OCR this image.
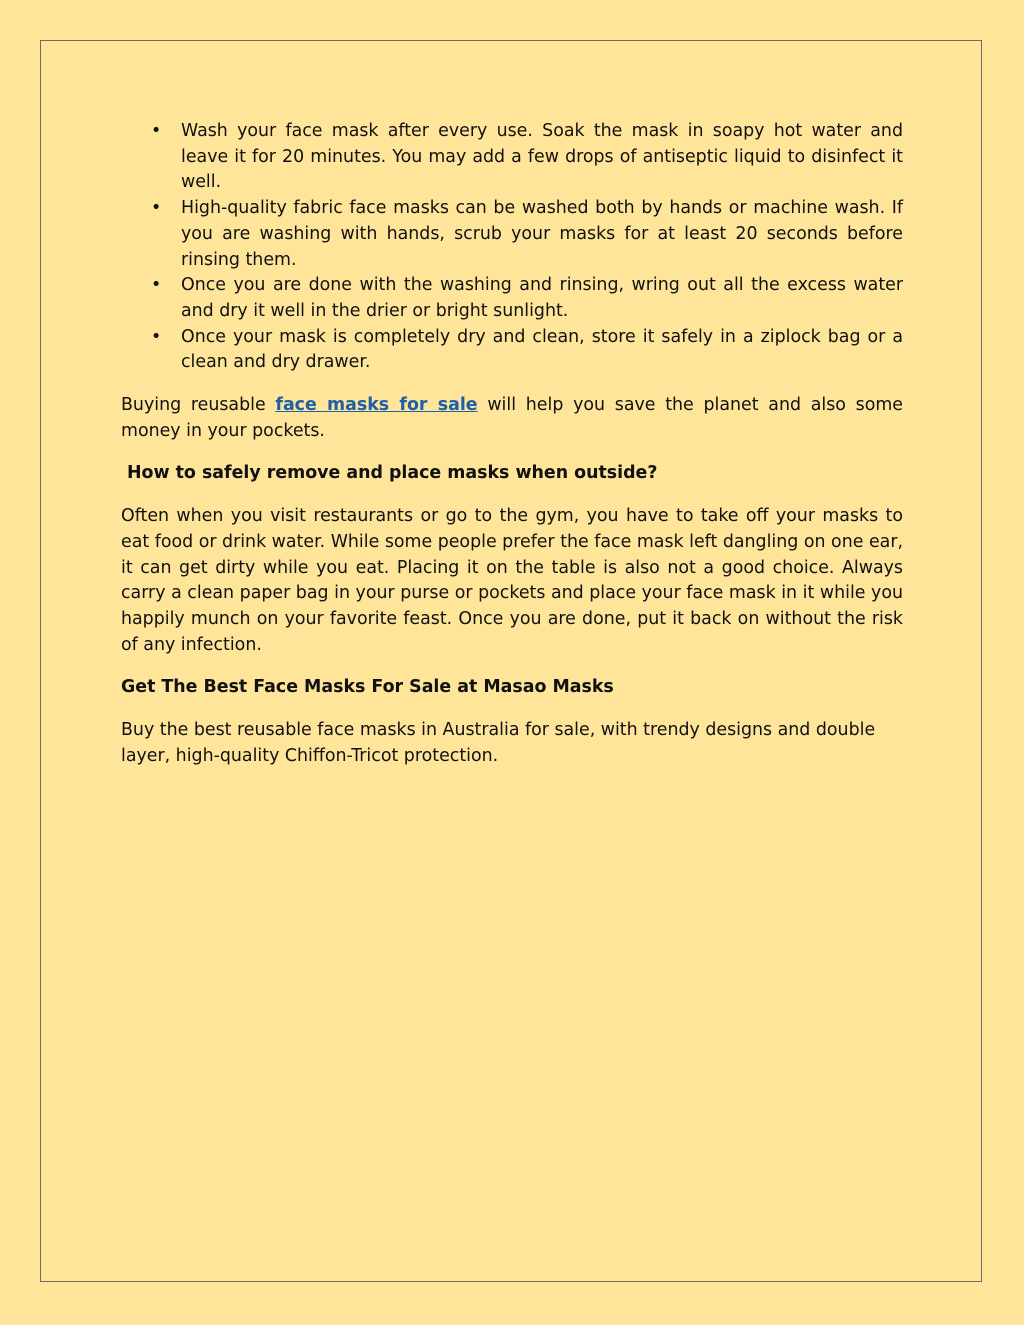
• Wash your face mask after every use. Soak the mask in soapy hot water and leave it for 20 minutes. You may add a few drops of antiseptic liquid to disinfect it well.
• High-quality fabric face masks can be washed both by hands or machine wash. If you are washing with hands, scrub your masks for at least 20 seconds before rinsing them.
• Once you are done with the washing and rinsing, wring out all the excess water and dry it well in the drier or bright sunlight.
• Once your mask is completely dry and clean, store it safely in a ziplock bag or a clean and dry drawer.

Buying reusable face masks for sale will help you save the planet and also some money in your pockets.

How to safely remove and place masks when outside?

Often when you visit restaurants or go to the gym, you have to take off your masks to eat food or drink water. While some people prefer the face mask left dangling on one ear, it can get dirty while you eat. Placing it on the table is also not a good choice. Always carry a clean paper bag in your purse or pockets and place your face mask in it while you happily munch on your favorite feast. Once you are done, put it back on without the risk of any infection.

Get The Best Face Masks For Sale at Masao Masks

Buy the best reusable face masks in Australia for sale, with trendy designs and double layer, high-quality Chiffon-Tricot protection.
